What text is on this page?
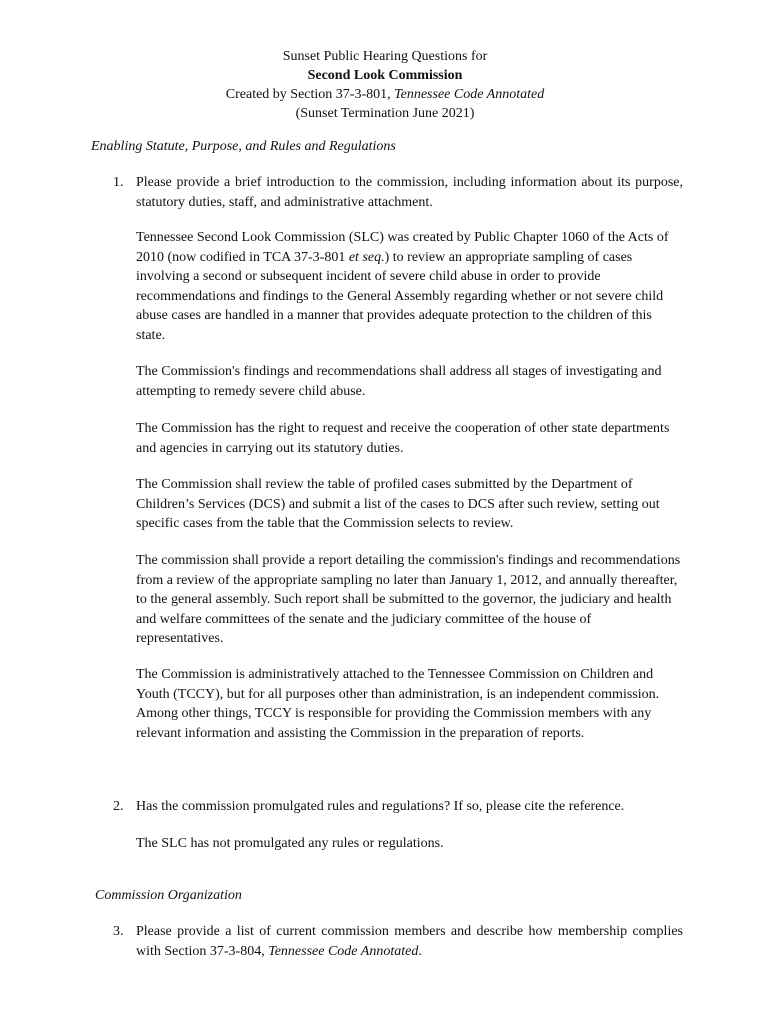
Sunset Public Hearing Questions for
Second Look Commission
Created by Section 37-3-801, Tennessee Code Annotated
(Sunset Termination June 2021)
Enabling Statute, Purpose, and Rules and Regulations
1. Please provide a brief introduction to the commission, including information about its purpose, statutory duties, staff, and administrative attachment.
Tennessee Second Look Commission (SLC) was created by Public Chapter 1060 of the Acts of 2010 (now codified in TCA 37-3-801 et seq.) to review an appropriate sampling of cases involving a second or subsequent incident of severe child abuse in order to provide recommendations and findings to the General Assembly regarding whether or not severe child abuse cases are handled in a manner that provides adequate protection to the children of this state.
The Commission's findings and recommendations shall address all stages of investigating and attempting to remedy severe child abuse.
The Commission has the right to request and receive the cooperation of other state departments and agencies in carrying out its statutory duties.
The Commission shall review the table of profiled cases submitted by the Department of Children’s Services (DCS) and submit a list of the cases to DCS after such review, setting out specific cases from the table that the Commission selects to review.
The commission shall provide a report detailing the commission's findings and recommendations from a review of the appropriate sampling no later than January 1, 2012, and annually thereafter, to the general assembly. Such report shall be submitted to the governor, the judiciary and health and welfare committees of the senate and the judiciary committee of the house of representatives.
The Commission is administratively attached to the Tennessee Commission on Children and Youth (TCCY), but for all purposes other than administration, is an independent commission. Among other things, TCCY is responsible for providing the Commission members with any relevant information and assisting the Commission in the preparation of reports.
2. Has the commission promulgated rules and regulations? If so, please cite the reference.
The SLC has not promulgated any rules or regulations.
Commission Organization
3. Please provide a list of current commission members and describe how membership complies with Section 37-3-804, Tennessee Code Annotated.
